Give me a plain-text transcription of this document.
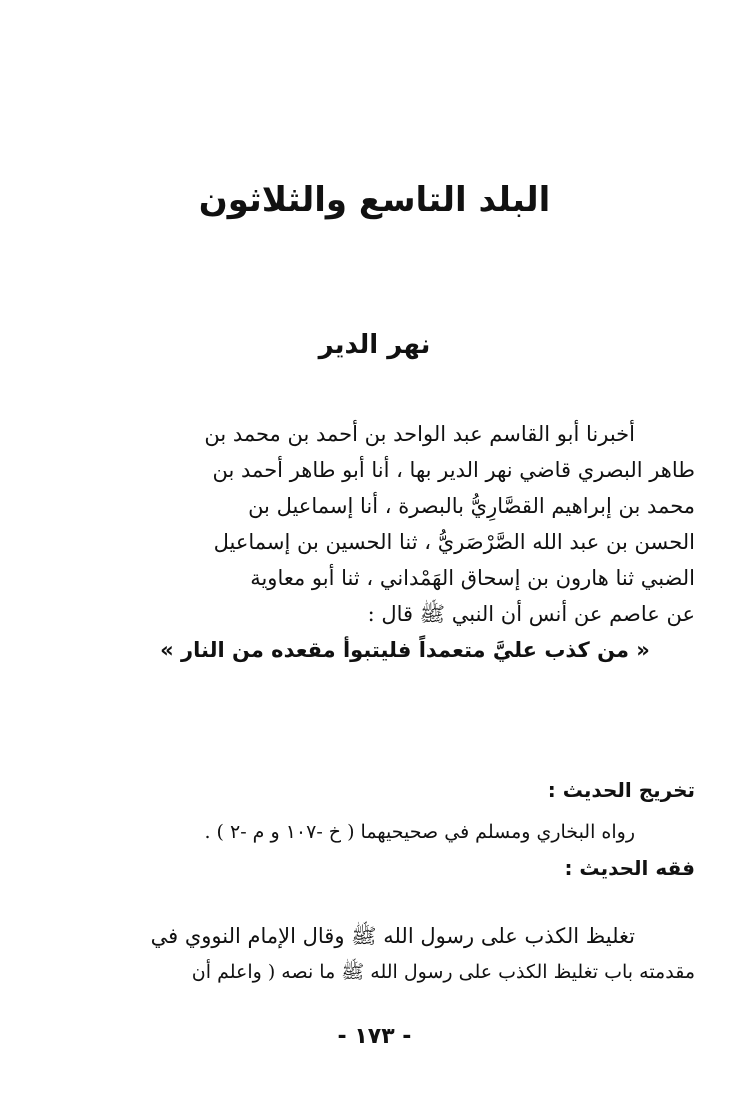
البلد التاسع والثلاثون
نهر الدير
أخبرنا أبو القاسم عبد الواحد بن أحمد بن محمد بن
طاهر البصري قاضي نهر الدير بها ، أنا أبو طاهر أحمد بن
محمد بن إبراهيم القصَّارِيُّ بالبصرة ، أنا إسماعيل بن
الحسن بن عبد الله الصَّرْصَريُّ ، ثنا الحسين بن إسماعيل
الضبي ثنا هارون بن إسحاق الهَمْداني ، ثنا أبو معاوية
عن عاصم عن أنس أن النبي ﷺ قال :
« من كذب عليَّ متعمداً فليتبوأ مقعده من النار »
تخريج الحديث :
رواه البخاري ومسلم في صحيحيهما ( خ -١٠٧ و م -٢ ) .
فقه الحديث :
تغليظ الكذب على رسول الله ﷺ وقال الإمام النووي في
مقدمته باب تغليظ الكذب على رسول الله ﷺ ما نصه ( واعلم أن
- ١٧٣ -
